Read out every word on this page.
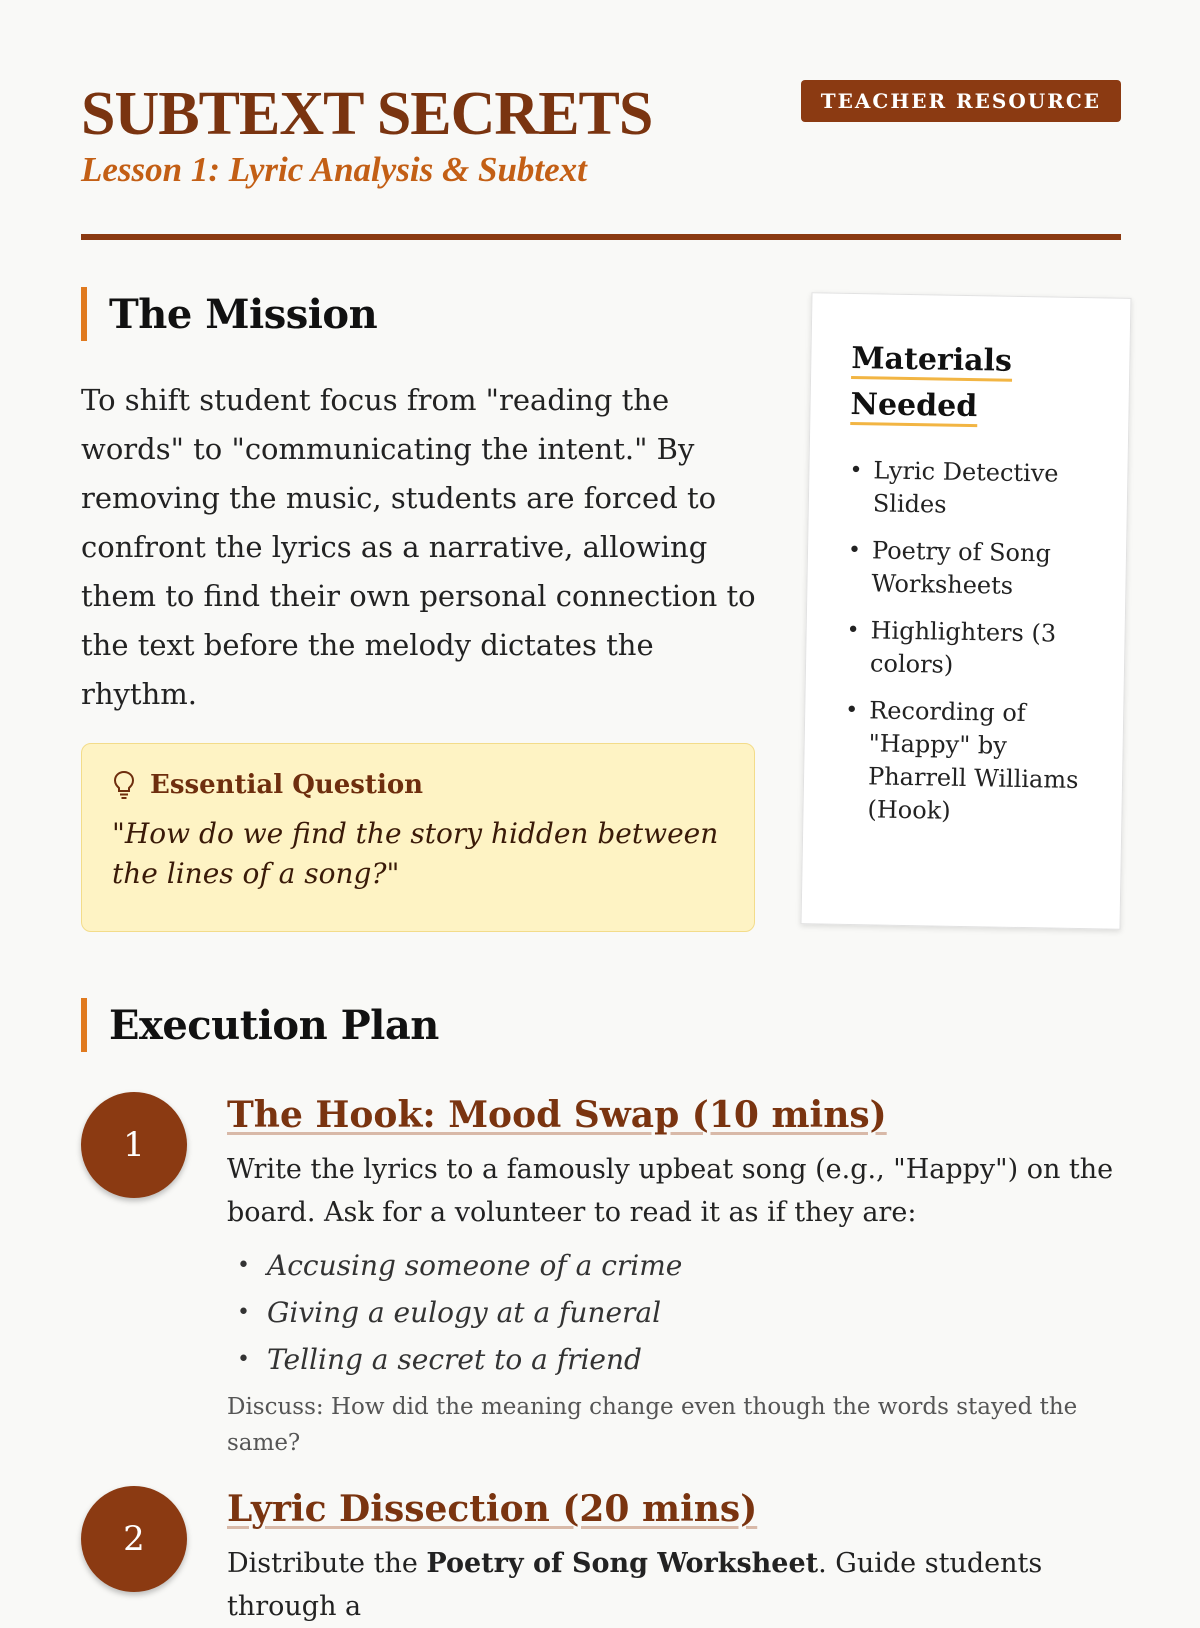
SUBTEXT SECRETS
Lesson 1: Lyric Analysis & Subtext
TEACHER RESOURCE
The Mission

To shift student focus from "reading the words" to "communicating the intent." By removing the music, students are forced to confront the lyrics as a narrative, allowing them to find their own personal connection to the text before the melody dictates the rhythm.

Essential Question
"How do we find the story hidden between the lines of a song?"
Materials Needed
• Lyric Detective Slides
• Poetry of Song Worksheets
• Highlighters (3 colors)
• Recording of "Happy" by Pharrell Williams (Hook)
Execution Plan
1
The Hook: Mood Swap (10 mins)

Write the lyrics to a famously upbeat song (e.g., "Happy") on the board. Ask for a volunteer to read it as if they are:

• Accusing someone of a crime
• Giving a eulogy at a funeral
• Telling a secret to a friend
Discuss: How did the meaning change even though the words stayed the same?
2
Lyric Dissection (20 mins)

Distribute the Poetry of Song Worksheet. Guide students through a
